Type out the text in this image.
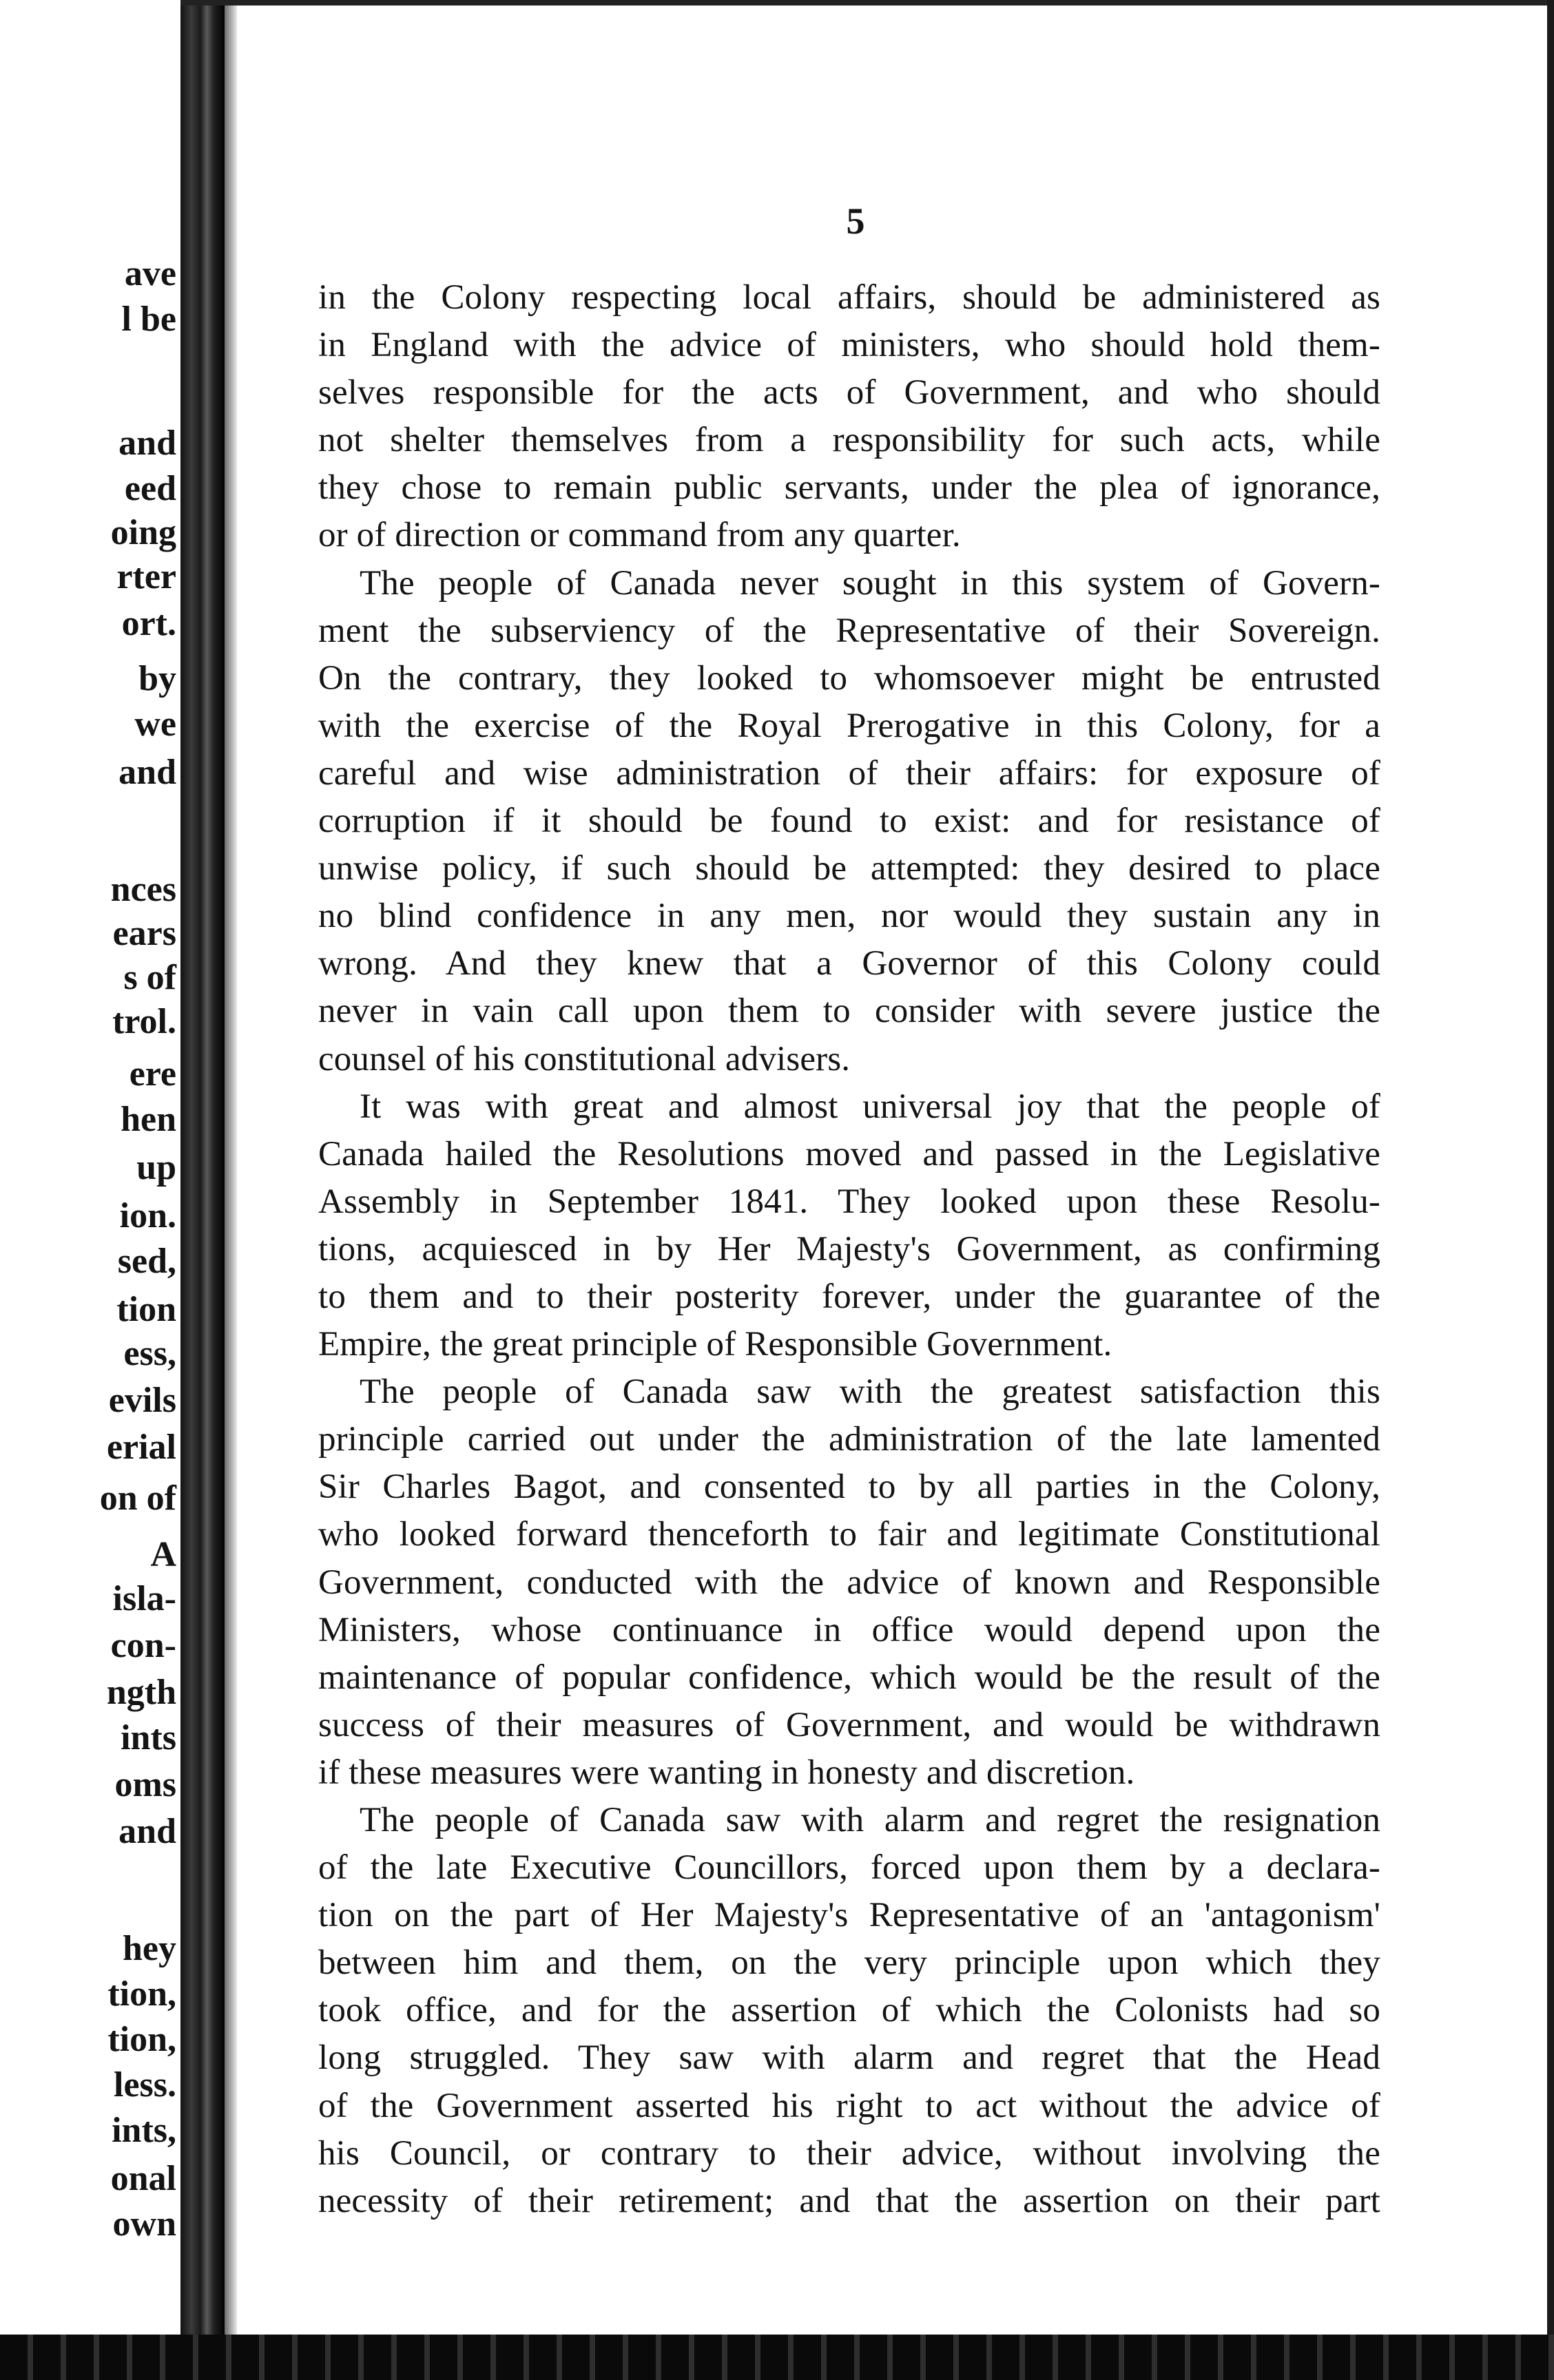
ave
l be
and
eed
oing
rter
ort.
by
we
and
nces
ears
s of
trol.
ere
hen
up
ion.
sed,
tion
ess,
evils
erial
on of
A
isla-
con-
ngth
ints
oms
and
hey
tion,
tion,
less.
ints,
onal
own
5
in the Colony respecting local affairs, should be administered as
in England with the advice of ministers, who should hold them-
selves responsible for the acts of Government, and who should
not shelter themselves from a responsibility for such acts, while
they chose to remain public servants, under the plea of ignorance,
or of direction or command from any quarter.
The people of Canada never sought in this system of Govern-
ment the subserviency of the Representative of their Sovereign.
On the contrary, they looked to whomsoever might be entrusted
with the exercise of the Royal Prerogative in this Colony, for a
careful and wise administration of their affairs: for exposure of
corruption if it should be found to exist: and for resistance of
unwise policy, if such should be attempted: they desired to place
no blind confidence in any men, nor would they sustain any in
wrong. And they knew that a Governor of this Colony could
never in vain call upon them to consider with severe justice the
counsel of his constitutional advisers.
It was with great and almost universal joy that the people of
Canada hailed the Resolutions moved and passed in the Legislative
Assembly in September 1841. They looked upon these Resolu-
tions, acquiesced in by Her Majesty's Government, as confirming
to them and to their posterity forever, under the guarantee of the
Empire, the great principle of Responsible Government.
The people of Canada saw with the greatest satisfaction this
principle carried out under the administration of the late lamented
Sir Charles Bagot, and consented to by all parties in the Colony,
who looked forward thenceforth to fair and legitimate Constitutional
Government, conducted with the advice of known and Responsible
Ministers, whose continuance in office would depend upon the
maintenance of popular confidence, which would be the result of the
success of their measures of Government, and would be withdrawn
if these measures were wanting in honesty and discretion.
The people of Canada saw with alarm and regret the resignation
of the late Executive Councillors, forced upon them by a declara-
tion on the part of Her Majesty's Representative of an 'antagonism'
between him and them, on the very principle upon which they
took office, and for the assertion of which the Colonists had so
long struggled. They saw with alarm and regret that the Head
of the Government asserted his right to act without the advice of
his Council, or contrary to their advice, without involving the
necessity of their retirement; and that the assertion on their part
